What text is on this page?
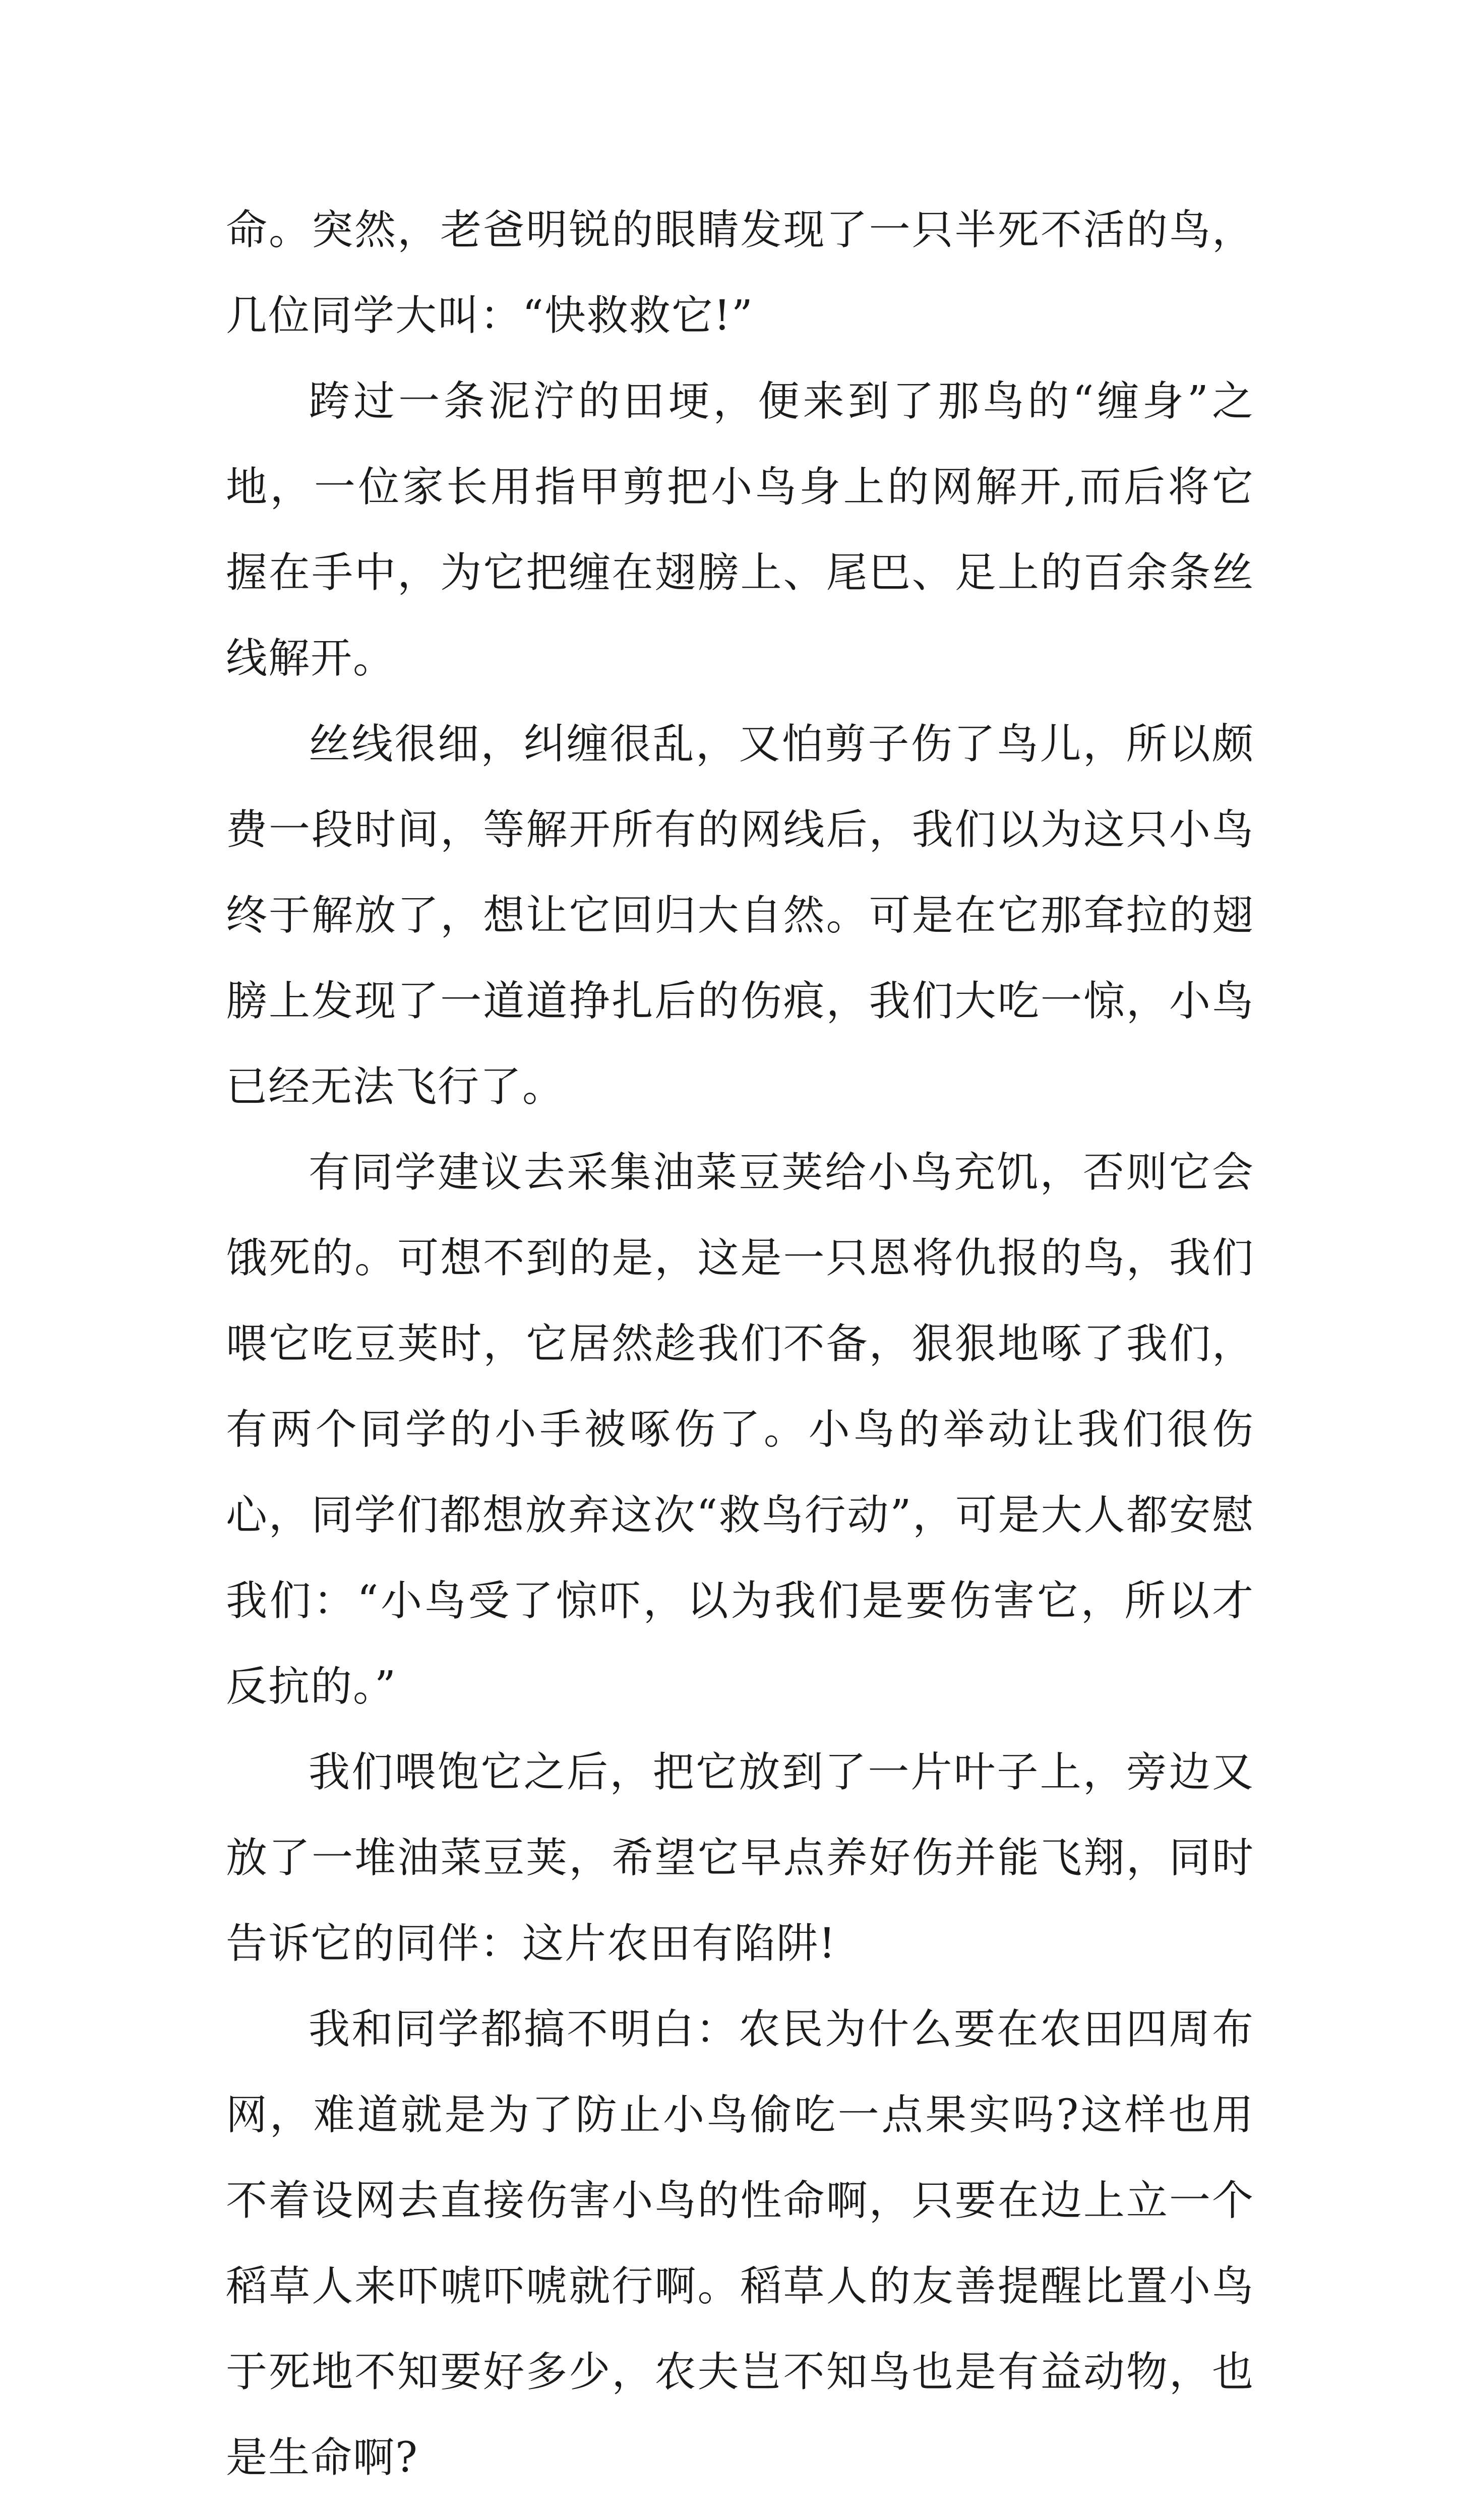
命。突然，老爸明锐的眼睛发现了一只半死不活的鸟，几位同学大叫：“快救救它!”

跨过一条泥泞的田埂，便来到了那鸟的“缠身”之地，一位家长用指甲剪把小鸟身上的网解开,而后将它握在手中，为它把缠在翅膀上、尾巴、足上的百余条丝线解开。

丝线很细，纠缠很乱，又怕剪子伤了鸟儿，所以颇费一段时间，等解开所有的网线后，我们以为这只小鸟终于解放了，想让它回归大自然。可是在它那耷拉的翅膀上发现了一道道挣扎后的伤痕，我们大吃一惊，小鸟已经无法飞行了。

有同学建议去采集油菜豆荚给小鸟充饥，否则它会饿死的。可想不到的是，这是一只恩将仇报的鸟，我们喂它吃豆荚时，它居然趁我们不备，狠狠地啄了我们，有两个同学的小手被啄伤了。小鸟的举动让我们很伤心，同学们都想放弃这次“救鸟行动”，可是大人都安慰我们：“小鸟受了惊吓，以为我们是要伤害它，所以才反抗的。”

我们喂饱它之后，把它放到了一片叶子上，旁边又放了一堆油菜豆荚，希望它早点养好伤并能飞翔，同时告诉它的同伴：这片农田有陷阱!

我和同学都搞不明白：农民为什么要在农田四周布网，难道就是为了防止小鸟偷吃一点果实吗?这样也用不着设网去直接伤害小鸟的性命啊，只要在边上立一个稻草人来吓唬吓唬就行啊。稻草人的友善提醒比置小鸟于死地不知要好多少，农夫岂不知鸟也是有益动物，也是生命啊?
